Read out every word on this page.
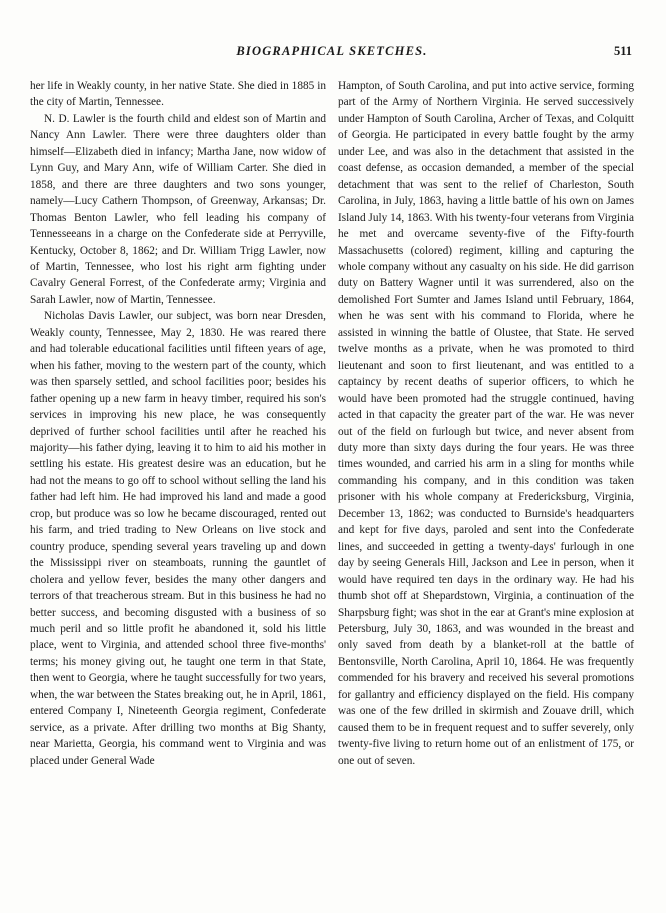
BIOGRAPHICAL SKETCHES.	511

her life in Weakly county, in her native State. She died in 1885 in the city of Martin, Tennessee.

N. D. Lawler is the fourth child and eldest son of Martin and Nancy Ann Lawler. There were three daughters older than himself—Elizabeth died in infancy; Martha Jane, now widow of Lynn Guy, and Mary Ann, wife of William Carter. She died in 1858, and there are three daughters and two sons younger, namely—Lucy Cathern Thompson, of Greenway, Arkansas; Dr. Thomas Benton Lawler, who fell leading his company of Tennesseeans in a charge on the Confederate side at Perryville, Kentucky, October 8, 1862; and Dr. William Trigg Lawler, now of Martin, Tennessee, who lost his right arm fighting under Cavalry General Forrest, of the Confederate army; Virginia and Sarah Lawler, now of Martin, Tennessee.

Nicholas Davis Lawler, our subject, was born near Dresden, Weakly county, Tennessee, May 2, 1830. He was reared there and had tolerable educational facilities until fifteen years of age, when his father, moving to the western part of the county, which was then sparsely settled, and school facilities poor; besides his father opening up a new farm in heavy timber, required his son's services in improving his new place, he was consequently deprived of further school facilities until after he reached his majority—his father dying, leaving it to him to aid his mother in settling his estate. His greatest desire was an education, but he had not the means to go off to school without selling the land his father had left him. He had improved his land and made a good crop, but produce was so low he became discouraged, rented out his farm, and tried trading to New Orleans on live stock and country produce, spending several years traveling up and down the Mississippi river on steamboats, running the gauntlet of cholera and yellow fever, besides the many other dangers and terrors of that treacherous stream. But in this business he had no better success, and becoming disgusted with a business of so much peril and so little profit he abandoned it, sold his little place, went to Virginia, and attended school three five-months' terms; his money giving out, he taught one term in that State, then went to Georgia, where he taught successfully for two years, when, the war between the States breaking out, he in April, 1861, entered Company I, Nineteenth Georgia regiment, Confederate service, as a private. After drilling two months at Big Shanty, near Marietta, Georgia, his command went to Virginia and was placed under General Wade

Hampton, of South Carolina, and put into active service, forming part of the Army of Northern Virginia. He served successively under Hampton of South Carolina, Archer of Texas, and Colquitt of Georgia. He participated in every battle fought by the army under Lee, and was also in the detachment that assisted in the coast defense, as occasion demanded, a member of the special detachment that was sent to the relief of Charleston, South Carolina, in July, 1863, having a little battle of his own on James Island July 14, 1863. With his twenty-four veterans from Virginia he met and overcame seventy-five of the Fifty-fourth Massachusetts (colored) regiment, killing and capturing the whole company without any casualty on his side. He did garrison duty on Battery Wagner until it was surrendered, also on the demolished Fort Sumter and James Island until February, 1864, when he was sent with his command to Florida, where he assisted in winning the battle of Olustee, that State. He served twelve months as a private, when he was promoted to third lieutenant and soon to first lieutenant, and was entitled to a captaincy by recent deaths of superior officers, to which he would have been promoted had the struggle continued, having acted in that capacity the greater part of the war. He was never out of the field on furlough but twice, and never absent from duty more than sixty days during the four years. He was three times wounded, and carried his arm in a sling for months while commanding his company, and in this condition was taken prisoner with his whole company at Fredericksburg, Virginia, December 13, 1862; was conducted to Burnside's headquarters and kept for five days, paroled and sent into the Confederate lines, and succeeded in getting a twenty-days' furlough in one day by seeing Generals Hill, Jackson and Lee in person, when it would have required ten days in the ordinary way. He had his thumb shot off at Shepardstown, Virginia, a continuation of the Sharpsburg fight; was shot in the ear at Grant's mine explosion at Petersburg, July 30, 1863, and was wounded in the breast and only saved from death by a blanket-roll at the battle of Bentonsville, North Carolina, April 10, 1864. He was frequently commended for his bravery and received his several promotions for gallantry and efficiency displayed on the field. His company was one of the few drilled in skirmish and Zouave drill, which caused them to be in frequent request and to suffer severely, only twenty-five living to return home out of an enlistment of 175, or one out of seven.
